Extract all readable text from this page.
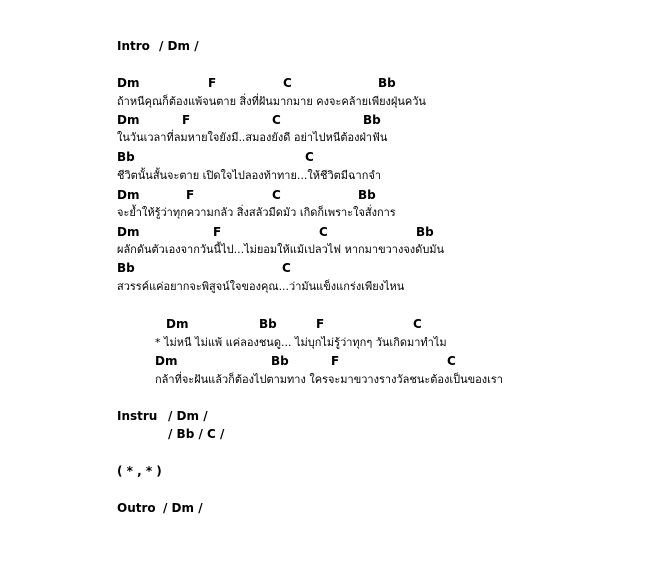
Intro / Dm /
Dm	F	C	Bb
ถ้าหนีคุณก็ต้องแพ้จนตาย สิ่งที่ฝันมากมาย คงจะคล้ายเพียงฝุ่นควัน
Dm	F	C	Bb
ในวันเวลาที่ลมหายใจยังมี..สมองยังดี อย่าไปหนีต้องฝ่าฟัน
Bb	C
ชีวิตนั้นสั้นจะตาย เปิดใจไปลองท้าทาย...ให้ชีวิตมีฉากจำ
Dm	F	C	Bb
จะย้ำให้รู้ว่าทุกความกลัว สิ่งสลัวมืดมัว เกิดก็เพราะใจสั่งการ
Dm	F	C	Bb
ผลักดันตัวเองจากวันนี้ไป...ไม่ยอมให้แม้เปลวไฟ หากมาขวางจงดับมัน
Bb	C
สวรรค์แค่อยากจะพิสูจน์ใจของคุณ...ว่ามันแข็งแกร่งเพียงไหน
Dm	Bb	F	C
* ไม่หนี ไม่แพ้ แค่ลองชนดู... ไม่บุกไม่รู้ว่าทุกๆ วันเกิดมาทำไม
Dm	Bb	F	C
กล้าที่จะฝันแล้วก็ต้องไปตามทาง ใครจะมาขวางรางวัลชนะต้องเป็นของเรา
Instru / Dm /
/ Bb / C /
( * , * )
Outro / Dm /
